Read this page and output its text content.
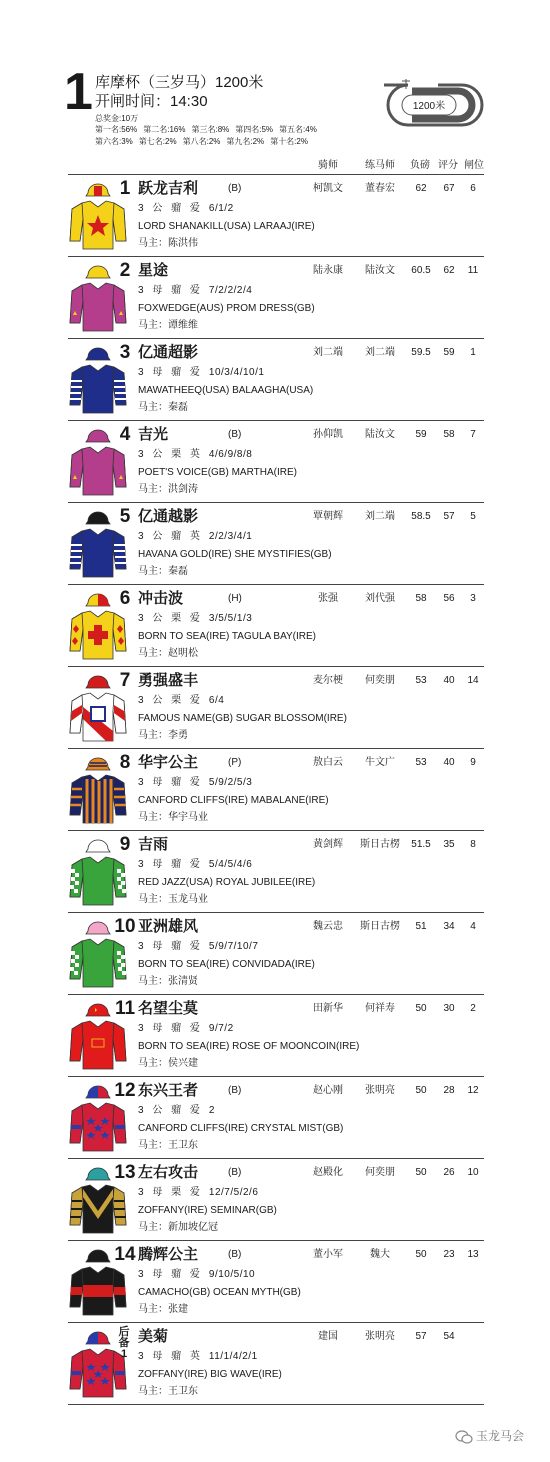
1 库摩杯（三岁马）1200米
开闸时间：14:30
总奖金:10万
第一名:56% 第二名:16% 第三名:8% 第四名:5% 第五名:4%
第六名:3% 第七名:2% 第八名:2% 第九名:2% 第十名:2%
1200米
骑师	练马师	负磅 评分 闸位
1 跃龙吉利	(B)	柯凯文	董春宏	62	67	6
3 公 骝 爱 6/1/2
LORD SHANAKILL(USA) LARAAJ(IRE)
马主：陈洪伟
2 星途	陆永康	陆汝文	60.5	62	11
3 母 骝 爱 7/2/2/2/4
FOXWEDGE(AUS) PROM DRESS(GB)
马主：谭维维
3 亿通超影	刘二端	刘二端	59.5	59	1
3 母 骝 爱 10/3/4/10/1
MAWATHEEQ(USA) BALAAGHA(USA)
马主：秦磊
4 吉光	(B)	孙仰凯	陆汝文	59	58	7
3 公 栗 英 4/6/9/8/8
POET'S VOICE(GB) MARTHA(IRE)
马主：洪剑涛
5 亿通越影	覃朝辉	刘二端	58.5	57	5
3 公 骝 英 2/2/3/4/1
HAVANA GOLD(IRE) SHE MYSTIFIES(GB)
马主：秦磊
6 冲击波	(H)	张强	刘代强	58	56	3
3 公 栗 爱 3/5/5/1/3
BORN TO SEA(IRE) TAGULA BAY(IRE)
马主：赵明松
7 勇强盛丰	麦尔梗	何奕朋	53	40	14
3 公 栗 爱 6/4
FAMOUS NAME(GB) SUGAR BLOSSOM(IRE)
马主：李勇
8 华宇公主	(P)	敖白云	牛文广	53	40	9
3 母 骝 爱 5/9/2/5/3
CANFORD CLIFFS(IRE) MABALANE(IRE)
马主：华宇马业
9 吉雨	黄剑辉	斯日古楞	51.5	35	8
3 母 骝 爱 5/4/5/4/6
RED JAZZ(USA) ROYAL JUBILEE(IRE)
马主：玉龙马业
10 亚洲雄风	魏云忠	斯日古楞	51	34	4
3 母 骝 爱 5/9/7/10/7
BORN TO SEA(IRE) CONVIDADA(IRE)
马主：张清贤
11 名望尘莫	田新华	何祥寿	50	30	2
3 母 骝 爱 9/7/2
BORN TO SEA(IRE) ROSE OF MOONCOIN(IRE)
马主：侯兴建
12 东兴王者	(B)	赵心刚	张明亮	50	28	12
3 公 骝 爱 2
CANFORD CLIFFS(IRE) CRYSTAL MIST(GB)
马主：王卫东
13 左右攻击	(B)	赵殿化	何奕朋	50	26	10
3 母 栗 爱 12/7/5/2/6
ZOFFANY(IRE) SEMINAR(GB)
马主：新加坡亿冠
14 腾辉公主	(B)	董小军	魏大	50	23	13
3 母 骝 爱 9/10/5/10
CAMACHO(GB) OCEAN MYTH(GB)
马主：张建
后备1
美菊	建国	张明亮	57	54
3 母 骝 英 11/1/4/2/1
ZOFFANY(IRE) BIG WAVE(IRE)
马主：王卫东
玉龙马会
